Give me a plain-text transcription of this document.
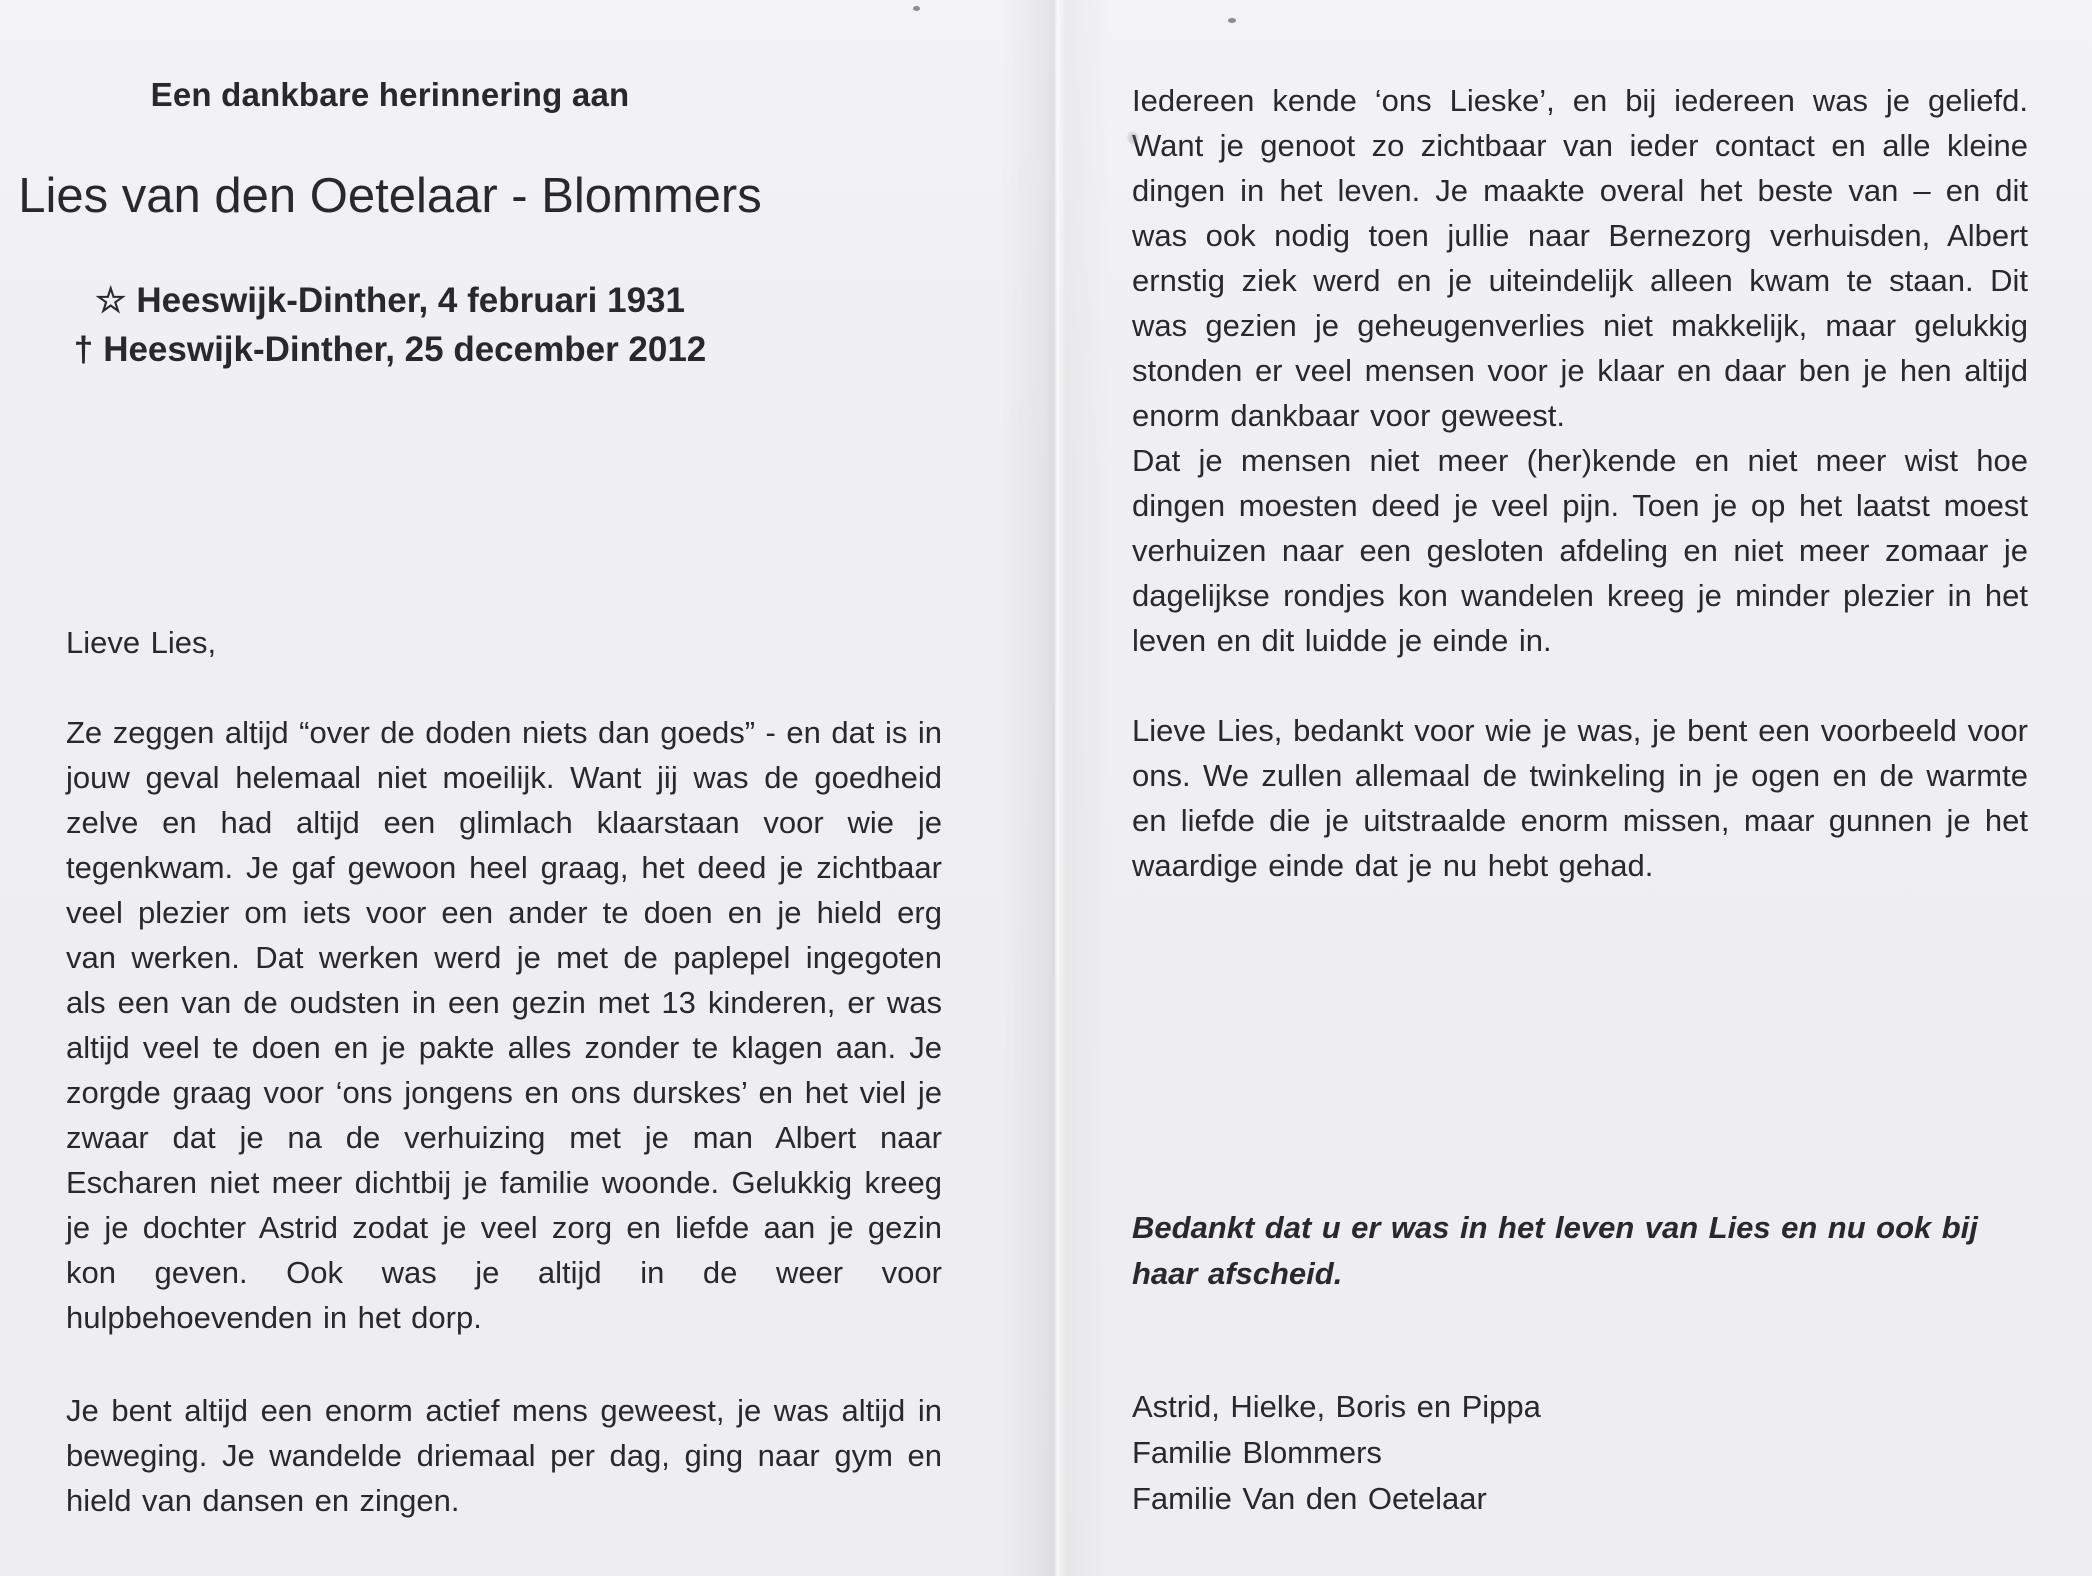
Een dankbare herinnering aan
Lies van den Oetelaar - Blommers
☆ Heeswijk-Dinther, 4 februari 1931
† Heeswijk-Dinther, 25 december 2012
Lieve Lies,
Ze zeggen altijd “over de doden niets dan goeds” - en dat is in jouw geval helemaal niet moeilijk. Want jij was de goedheid zelve en had altijd een glimlach klaarstaan voor wie je tegenkwam. Je gaf gewoon heel graag, het deed je zichtbaar veel plezier om iets voor een ander te doen en je hield erg van werken. Dat werken werd je met de paplepel ingegoten als een van de oudsten in een gezin met 13 kinderen, er was altijd veel te doen en je pakte alles zonder te klagen aan. Je zorgde graag voor ‘ons jongens en ons durskes’ en het viel je zwaar dat je na de verhuizing met je man Albert naar Escharen niet meer dichtbij je familie woonde. Gelukkig kreeg je je dochter Astrid zodat je veel zorg en liefde aan je gezin kon geven. Ook was je altijd in de weer voor hulpbehoevenden in het dorp.
Je bent altijd een enorm actief mens geweest, je was altijd in beweging. Je wandelde driemaal per dag, ging naar gym en hield van dansen en zingen.

Iedereen kende ‘ons Lieske’, en bij iedereen was je geliefd. Want je genoot zo zichtbaar van ieder contact en alle kleine dingen in het leven. Je maakte overal het beste van – en dit was ook nodig toen jullie naar Bernezorg verhuisden, Albert ernstig ziek werd en je uiteindelijk alleen kwam te staan. Dit was gezien je geheugenverlies niet makkelijk, maar gelukkig stonden er veel mensen voor je klaar en daar ben je hen altijd enorm dankbaar voor geweest.

Dat je mensen niet meer (her)kende en niet meer wist hoe dingen moesten deed je veel pijn. Toen je op het laatst moest verhuizen naar een gesloten afdeling en niet meer zomaar je dagelijkse rondjes kon wandelen kreeg je minder plezier in het leven en dit luidde je einde in.

Lieve Lies, bedankt voor wie je was, je bent een voorbeeld voor ons. We zullen allemaal de twinkeling in je ogen en de warmte en liefde die je uitstraalde enorm missen, maar gunnen je het waardige einde dat je nu hebt gehad.
Bedankt dat u er was in het leven van Lies en nu ook bij haar afscheid.
Astrid, Hielke, Boris en Pippa
Familie Blommers
Familie Van den Oetelaar
